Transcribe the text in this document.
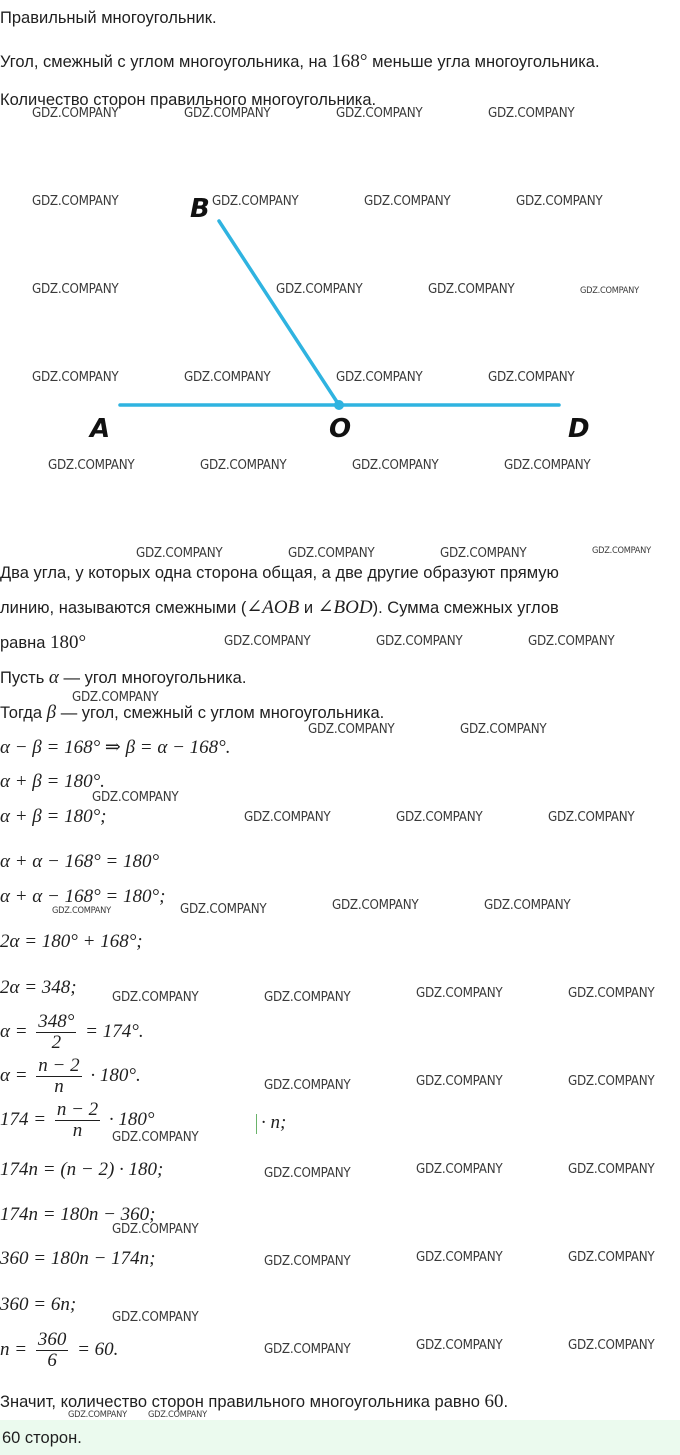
Правильный многоугольник.
Угол, смежный с углом многоугольника, на 168° меньше угла многоугольника.
Количество сторон правильного многоугольника.
B
A	O	D
Два угла, у которых одна сторона общая, а две другие образуют прямую
линию, называются смежными (∠AOB и ∠BOD). Сумма смежных углов
равна 180°
Пусть α — угол многоугольника.
Тогда β — угол, смежный с углом многоугольника.
α − β = 168° ⇒ β = α − 168°.
α + β = 180°.
α + β = 180°;
α + α − 168° = 180°
α + α − 168° = 180°;
2α = 180° + 168°;
2α = 348;
$\alpha = \frac{348^\circ}{2} = 174^\circ$.
$\alpha = \frac{n - 2}{n} \cdot 180^\circ$.
$174 = \frac{n - 2}{n} \cdot 180^\circ$	· n;
174n = (n − 2) · 180;
174n = 180n − 360;
360 = 180n − 174n;
360 = 6n;
$n = \frac{360}{6} = 60$.
Значит, количество сторон правильного многоугольника равно 60.
60 сторон.
GDZ.COMPANY	GDZ.COMPANY	GDZ.COMPANY	GDZ.COMPANY
GDZ.COMPANY	GDZ.COMPANY	GDZ.COMPANY	GDZ.COMPANY
GDZ.COMPANY	GDZ.COMPANY	GDZ.COMPANY	GDZ.COMPANY
GDZ.COMPANY	GDZ.COMPANY	GDZ.COMPANY	GDZ.COMPANY
GDZ.COMPANY	GDZ.COMPANY	GDZ.COMPANY	GDZ.COMPANY
GDZ.COMPANY	GDZ.COMPANY	GDZ.COMPANY	GDZ.COMPANY
GDZ.COMPANY	GDZ.COMPANY	GDZ.COMPANY
GDZ.COMPANY
GDZ.COMPANY	GDZ.COMPANY
GDZ.COMPANY
GDZ.COMPANY	GDZ.COMPANY	GDZ.COMPANY
GDZ.COMPANY	GDZ.COMPANY	GDZ.COMPANY	GDZ.COMPANY
GDZ.COMPANY	GDZ.COMPANY	GDZ.COMPANY	GDZ.COMPANY
GDZ.COMPANY	GDZ.COMPANY	GDZ.COMPANY
GDZ.COMPANY
GDZ.COMPANY	GDZ.COMPANY	GDZ.COMPANY
GDZ.COMPANY
GDZ.COMPANY	GDZ.COMPANY	GDZ.COMPANY
GDZ.COMPANY
GDZ.COMPANY	GDZ.COMPANY	GDZ.COMPANY
GDZ.COMPANY GDZ.COMPANY
